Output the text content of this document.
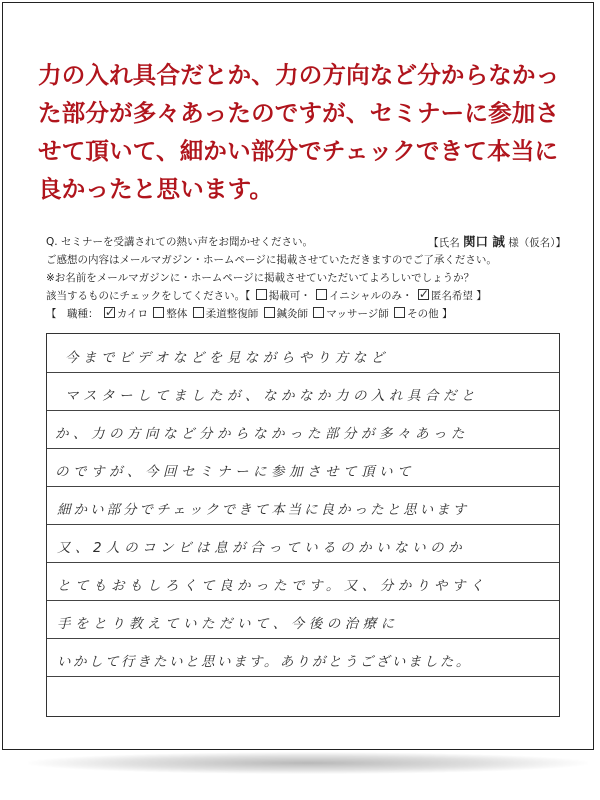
力の入れ具合だとか、力の方向など分からなかった部分が多々あったのですが、セミナーに参加させて頂いて、細かい部分でチェックできて本当に良かったと思います。

Q. セミナーを受講されての熱い声をお聞かせください。	【氏名 関口 誠 様（仮名）】
ご感想の内容はメールマガジン・ホームページに掲載させていただきますのでご了承ください。
※お名前をメールマガジンに・ホームページに掲載させていただいてよろしいでしょうか？
該当するものにチェックをしてください。【 掲載可・ イニシャルのみ・ ✓ 匿名希望 】
【　職種： ✓ カイロ 整体 柔道整復師 鍼灸師 マッサージ師 その他 】
今までビデオなどを見ながらやり方など
マスターしてましたが、なかなか力の入れ具合だと
か、力の方向など分からなかった部分が多々あった
のですが、今回セミナーに参加させて頂いて
細かい部分でチェックできて本当に良かったと思います
又、2人のコンビは息が合っているのかいないのか
とてもおもしろくて良かったです。又、分かりやすく
手をとり教えていただいて、今後の治療に
いかして行きたいと思います。ありがとうございました。
